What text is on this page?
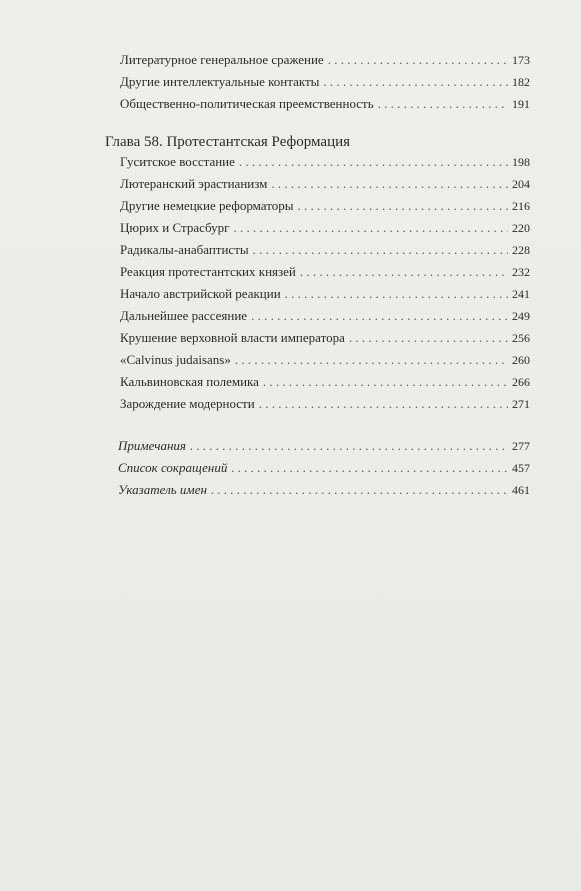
Литературное генеральное сражение . . .	173
Другие интеллектуальные контакты . . .	182
Общественно-политическая преемственность . . .	191
Глава 58. Протестантская Реформация
Гуситское восстание . . .	198
Лютеранский эрастианизм . . .	204
Другие немецкие реформаторы . . .	216
Цюрих и Страсбург . . .	220
Радикалы-анабаптисты . . .	228
Реакция протестантских князей . . .	232
Начало австрийской реакции . . .	241
Дальнейшее рассеяние . . .	249
Крушение верховной власти императора . . .	256
«Calvinus judaisans» . . .	260
Кальвиновская полемика . . .	266
Зарождение модерности . . .	271
Примечания . . .	277
Список сокращений . . .	457
Указатель имен . . .	461
